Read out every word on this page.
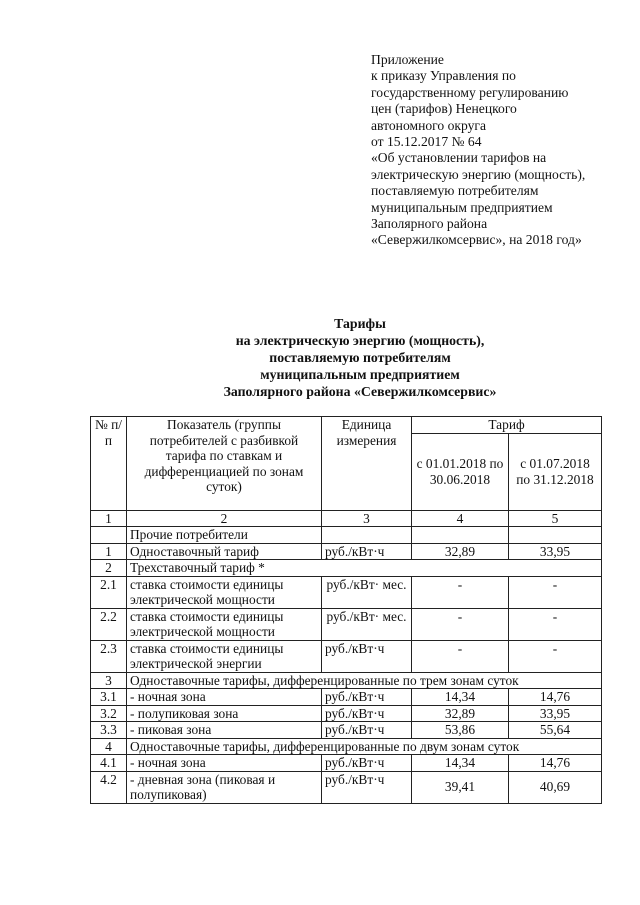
Приложение
к приказу Управления по
государственному регулированию
цен (тарифов) Ненецкого
автономного округа
от 15.12.2017 № 64
«Об установлении тарифов на
электрическую энергию (мощность),
поставляемую потребителям
муниципальным предприятием
Заполярного района
«Севержилкомсервис», на 2018 год»
Тарифы
на электрическую энергию (мощность),
поставляемую потребителям
муниципальным предприятием
Заполярного района «Севержилкомсервис»
№ п/п	Показатель (группы потребителей с разбивкой тарифа по ставкам и дифференциацией по зонам суток)	Единица измерения	Тариф	
			с 01.01.2018 по 30.06.2018	с 01.07.2018 по 31.12.2018
1	2	3	4	5
	Прочие потребители			
1	Одноставочный тариф	руб./кВт·ч	32,89	33,95
2	Трехставочный тариф *			
2.1	ставка стоимости единицы электрической мощности	руб./кВт· мес.	-	-
2.2	ставка стоимости единицы электрической мощности	руб./кВт· мес.	-	-
2.3	ставка стоимости единицы электрической энергии	руб./кВт·ч	-	-
3	Одноставочные тарифы, дифференцированные по трем зонам суток			
3.1	- ночная зона	руб./кВт·ч	14,34	14,76
3.2	- полупиковая зона	руб./кВт·ч	32,89	33,95
3.3	- пиковая зона	руб./кВт·ч	53,86	55,64
4	Одноставочные тарифы, дифференцированные по двум зонам суток			
4.1	- ночная зона	руб./кВт·ч	14,34	14,76
4.2	- дневная зона (пиковая и полупиковая)	руб./кВт·ч	39,41	40,69
